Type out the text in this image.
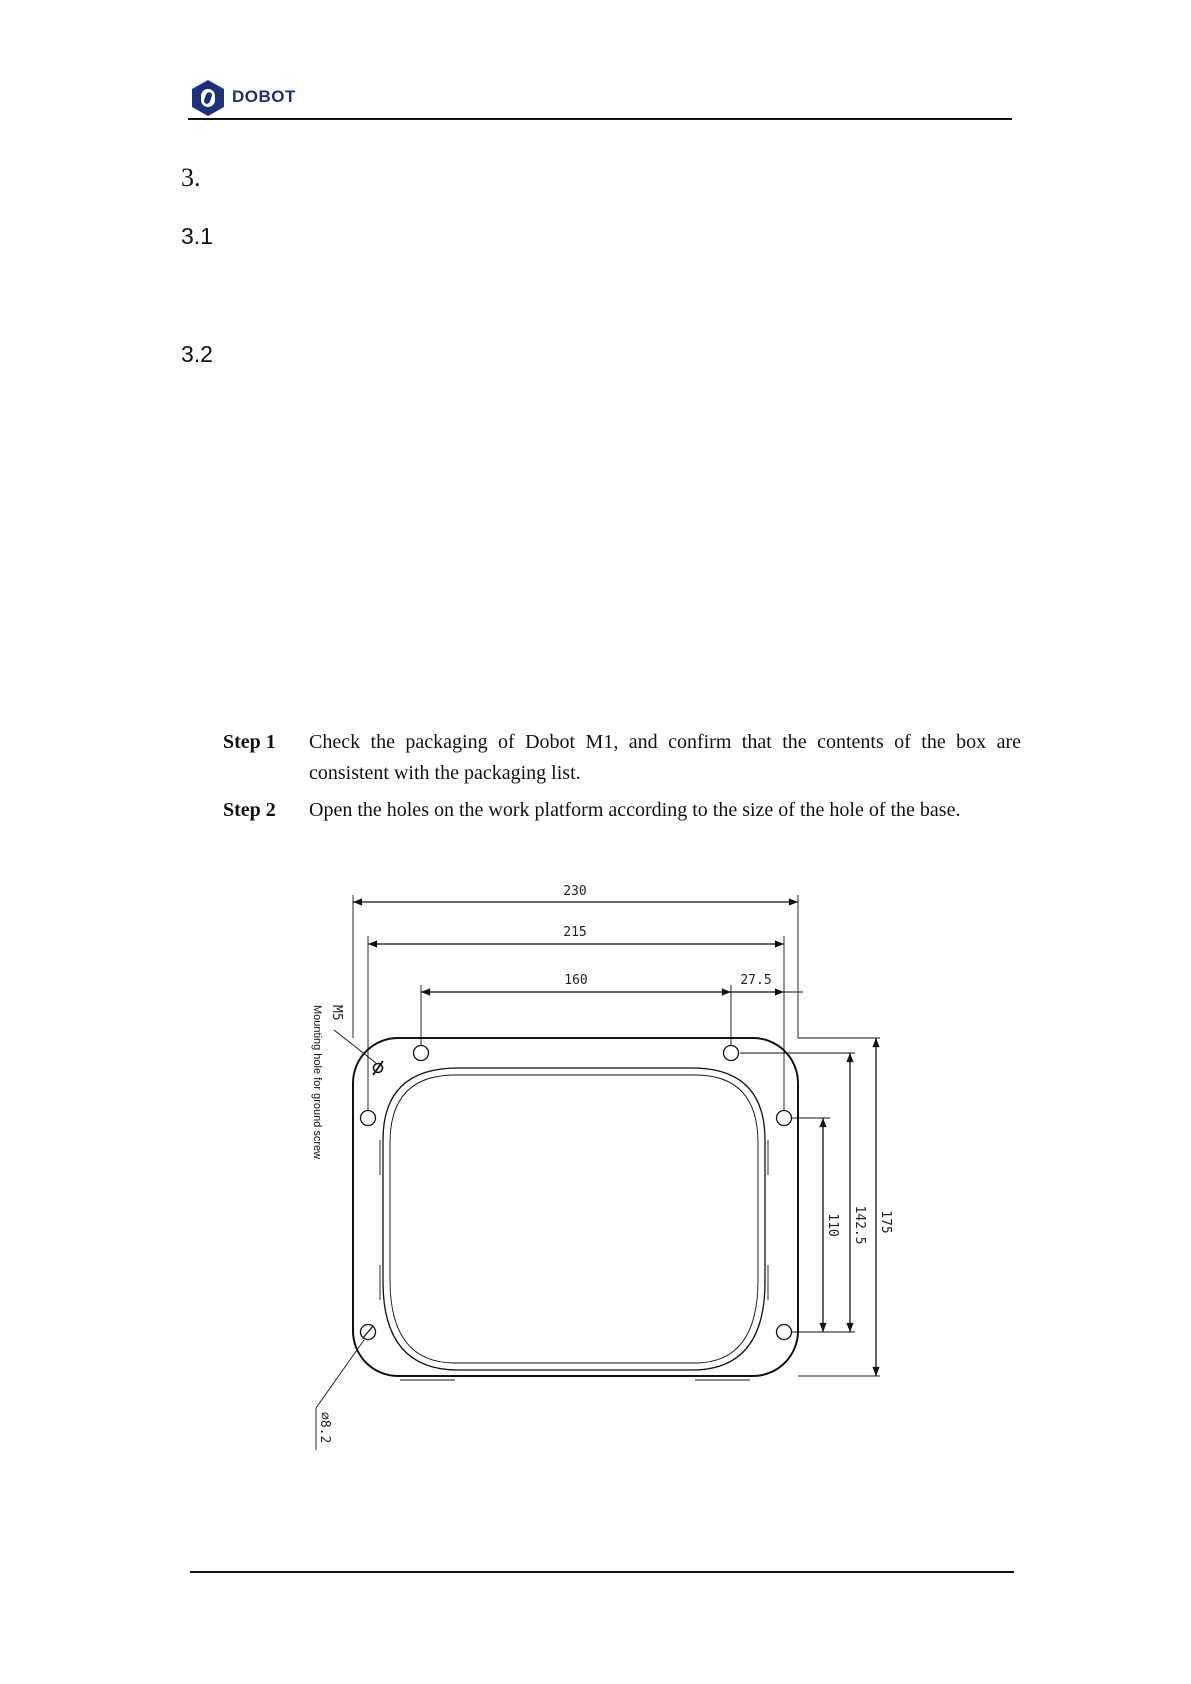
DOBOT
3.
3.1
3.2
Step 1 Check the packaging of Dobot M1, and confirm that the contents of the box are consistent with the packaging list.
Step 2 Open the holes on the work platform according to the size of the hole of the base.
230
215
160	27.5
175
142.5
110
M5
Mounting hole for ground screw
∅8.2
